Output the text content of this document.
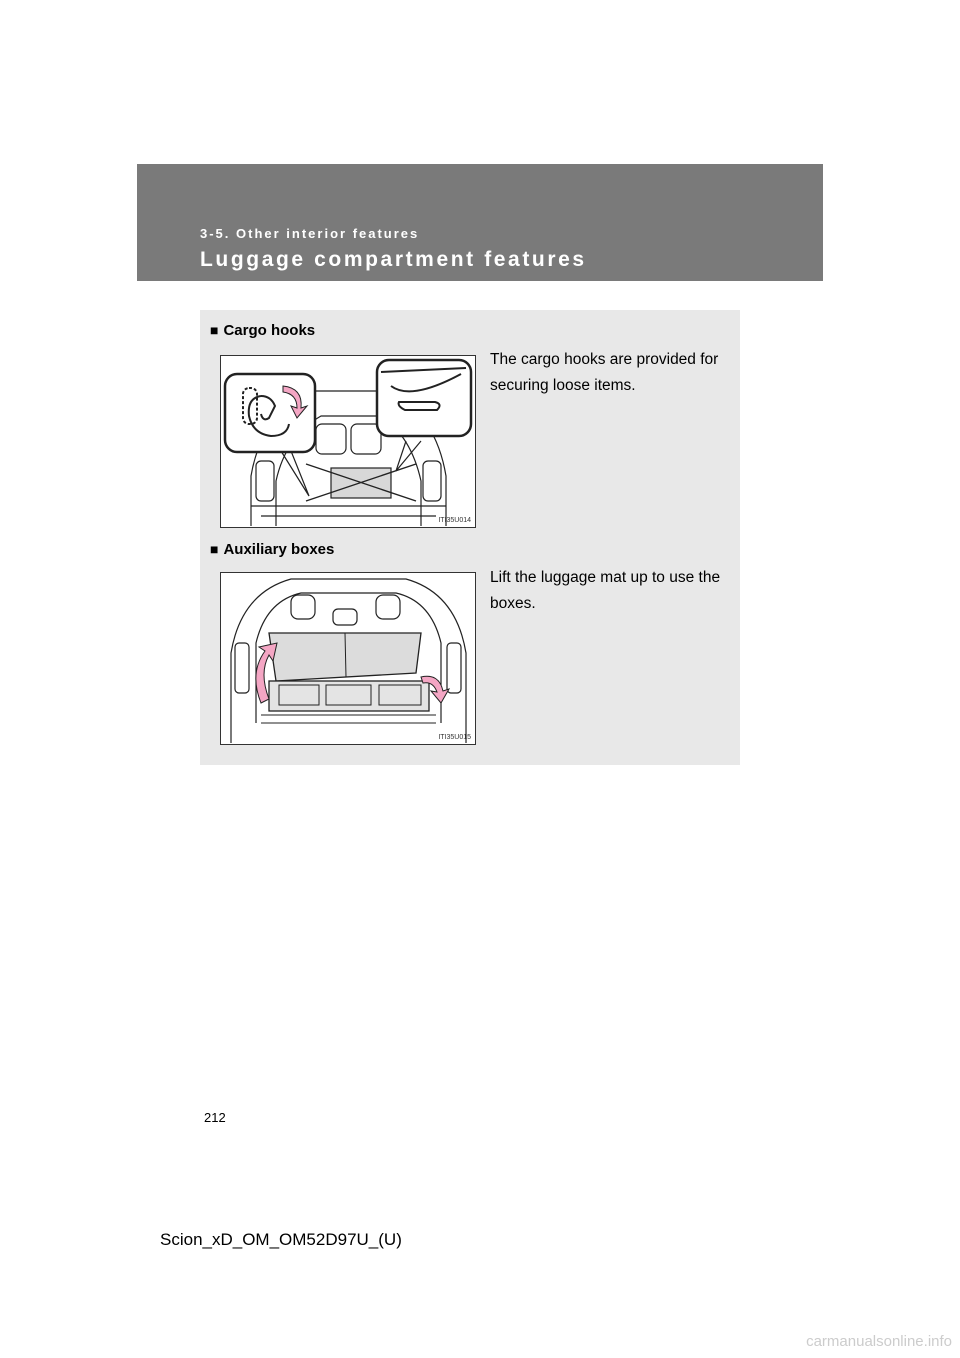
3-5. Other interior features
Luggage compartment features
■ Cargo hooks
The cargo hooks are provided for securing loose items.
ITI35U014
■ Auxiliary boxes
Lift the luggage mat up to use the boxes.
ITI35U015
212
Scion_xD_OM_OM52D97U_(U)
carmanualsonline.info
